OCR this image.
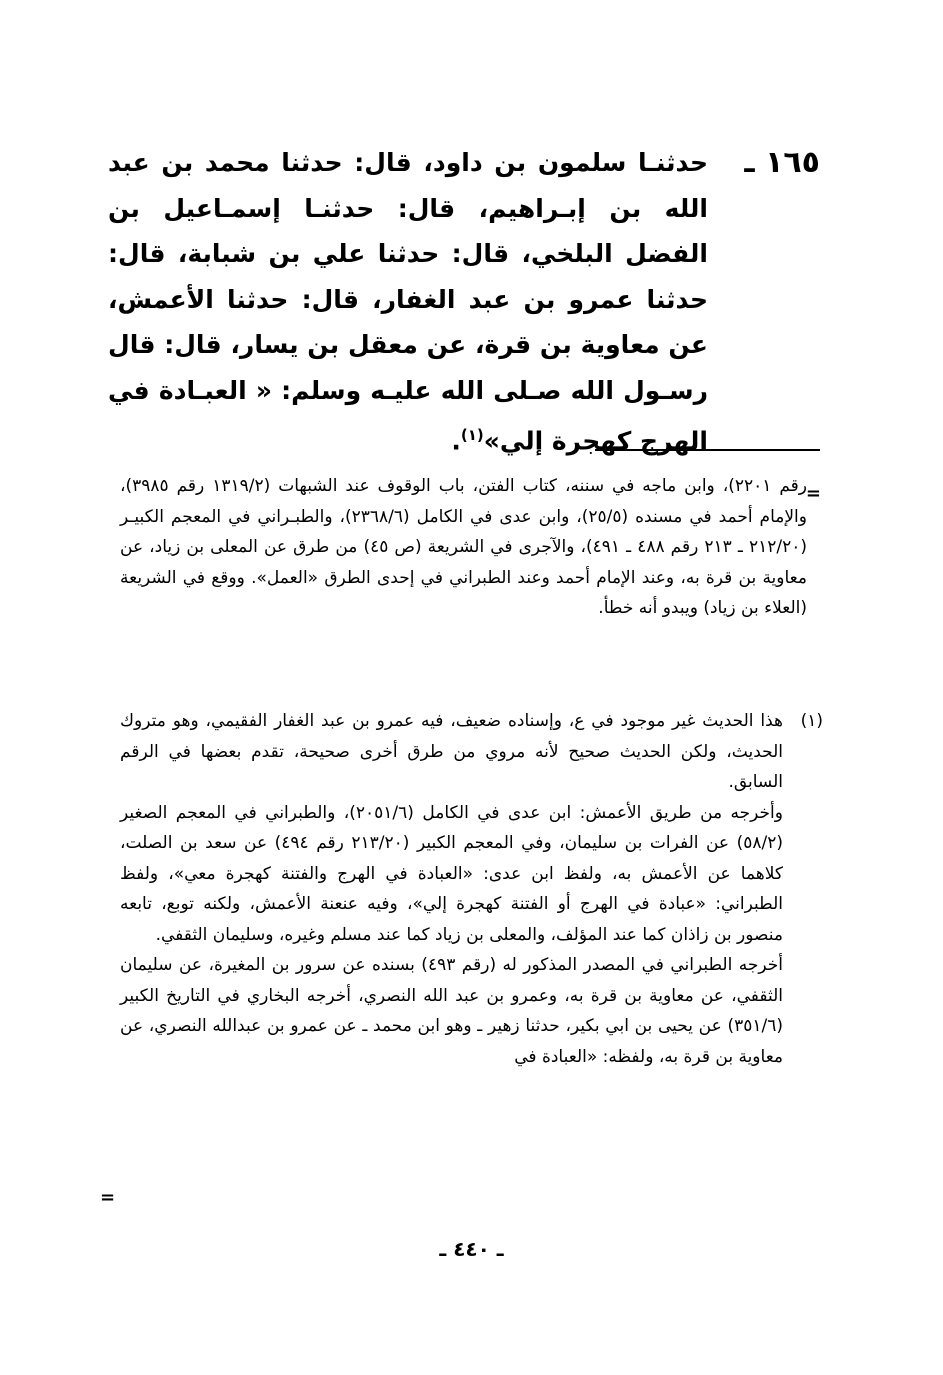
١٦٥ ـ

حدثنـا سلمون بن داود، قال: حدثنا محمد بن عبد الله بن إبـراهيم، قال: حدثنـا إسمـاعيل بن الفضل البلخي، قال: حدثنا علي بن شبابة، قال: حدثنا عمرو بن عبد الغفار، قال: حدثنا الأعمش، عن معاوية بن قرة، عن معقل بن يسار، قال: قال رسـول الله صـلى الله عليـه وسلم: « العبـادة في الهرج كهجرة إلي»$^{(١)}$.

=

رقم ٢٢٠١)، وابن ماجه في سننه، كتاب الفتن، باب الوقوف عند الشبهات (١٣١٩/٢ رقم ٣٩٨٥)، والإمام أحمد في مسنده (٢٥/٥)، وابن عدى في الكامل (٢٣٦٨/٦)، والطبـراني في المعجم الكبيـر (٢١٢/٢٠ ـ ٢١٣ رقم ٤٨٨ ـ ٤٩١)، والآجرى في الشريعة (ص ٤٥) من طرق عن المعلى بن زياد، عن معاوية بن قرة به، وعند الإمام أحمد وعند الطبراني في إحدى الطرق «العمل». ووقع في الشريعة (العلاء بن زياد) ويبدو أنه خطأ.

(١)

هذا الحديث غير موجود في ع، وإسناده ضعيف، فيه عمرو بن عبد الغفار الفقيمي، وهو متروك الحديث، ولكن الحديث صحيح لأنه مروي من طرق أخرى صحيحة، تقدم بعضها في الرقم السابق.

وأخرجه من طريق الأعمش: ابن عدى في الكامل (٢٠٥١/٦)، والطبراني في المعجم الصغير (٥٨/٢) عن الفرات بن سليمان، وفي المعجم الكبير (٢١٣/٢٠ رقم ٤٩٤) عن سعد بن الصلت، كلاهما عن الأعمش به، ولفظ ابن عدى: «العبادة في الهرج والفتنة كهجرة معي»، ولفظ الطبراني: «عبادة في الهرج أو الفتنة كهجرة إلي»، وفيه عنعنة الأعمش، ولكنه توبع، تابعه منصور بن زاذان كما عند المؤلف، والمعلى بن زياد كما عند مسلم وغيره، وسليمان الثقفي.

أخرجه الطبراني في المصدر المذكور له (رقم ٤٩٣) بسنده عن سرور بن المغيرة، عن سليمان الثقفي، عن معاوية بن قرة به، وعمرو بن عبد الله النصري، أخرجه البخاري في التاريخ الكبير (٣٥١/٦) عن يحيى بن ابي بكير، حدثنا زهير ـ وهو ابن محمد ـ عن عمرو بن عبدالله النصري، عن معاوية بن قرة به، ولفظه: «العبادة في

=
ـ ٤٤٠ ـ
